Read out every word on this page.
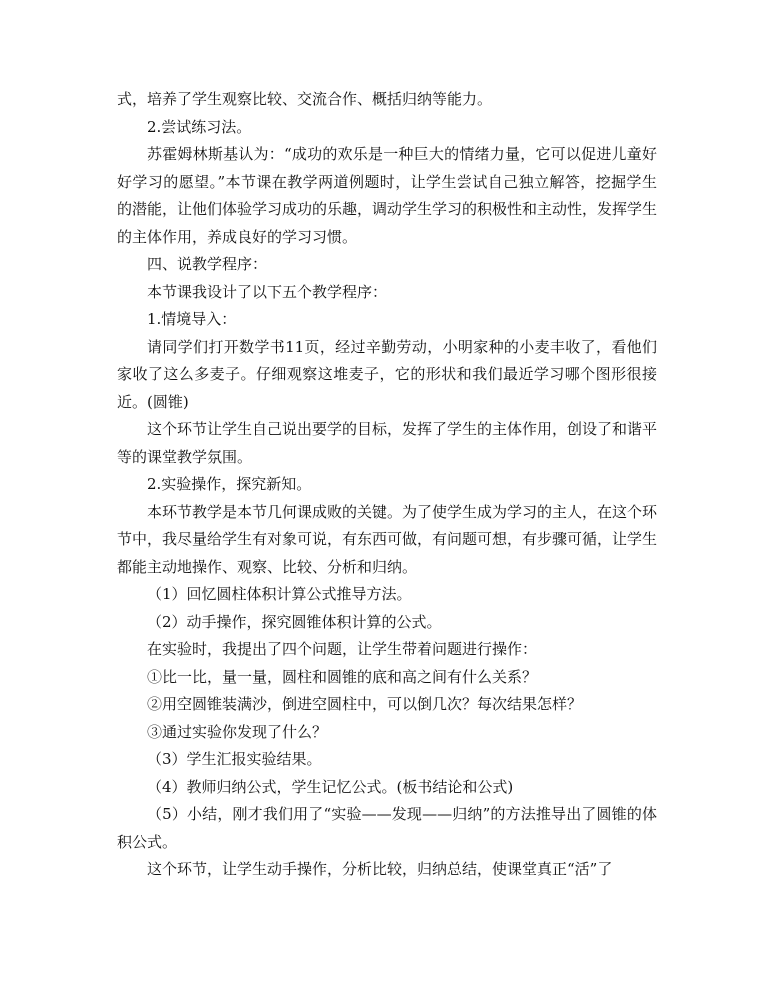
式，培养了学生观察比较、交流合作、概括归纳等能力。

2.尝试练习法。

苏霍姆林斯基认为：“成功的欢乐是一种巨大的情绪力量，它可以促进儿童好好学习的愿望。”本节课在教学两道例题时，让学生尝试自己独立解答，挖掘学生的潜能，让他们体验学习成功的乐趣，调动学生学习的积极性和主动性，发挥学生的主体作用，养成良好的学习习惯。

四、说教学程序：

本节课我设计了以下五个教学程序：

1.情境导入：

请同学们打开数学书11页，经过辛勤劳动，小明家种的小麦丰收了，看他们家收了这么多麦子。仔细观察这堆麦子，它的形状和我们最近学习哪个图形很接近。(圆锥)

这个环节让学生自己说出要学的目标，发挥了学生的主体作用，创设了和谐平等的课堂教学氛围。

2.实验操作，探究新知。

本环节教学是本节几何课成败的关键。为了使学生成为学习的主人，在这个环节中，我尽量给学生有对象可说，有东西可做，有问题可想，有步骤可循，让学生都能主动地操作、观察、比较、分析和归纳。

（1）回忆圆柱体积计算公式推导方法。

（2）动手操作，探究圆锥体积计算的公式。

在实验时，我提出了四个问题，让学生带着问题进行操作：

①比一比，量一量，圆柱和圆锥的底和高之间有什么关系？

②用空圆锥装满沙，倒进空圆柱中，可以倒几次？每次结果怎样？

③通过实验你发现了什么？

（3）学生汇报实验结果。

（4）教师归纳公式，学生记忆公式。(板书结论和公式)

（5）小结，刚才我们用了“实验——发现——归纳”的方法推导出了圆锥的体积公式。

这个环节，让学生动手操作，分析比较，归纳总结，使课堂真正“活”了
